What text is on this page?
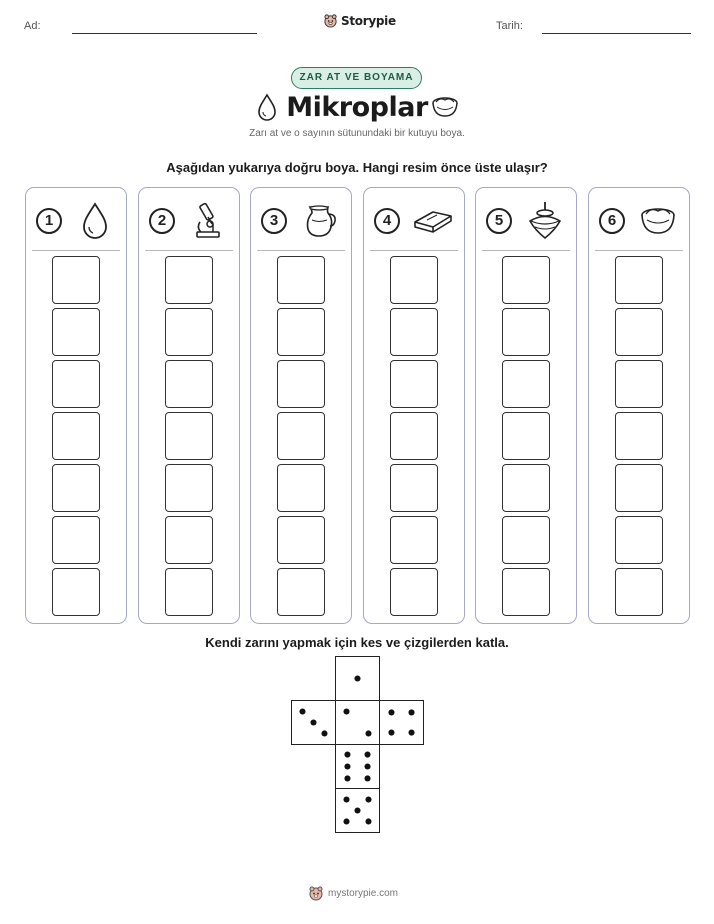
Ad:	Storypie	Tarih:
ZAR AT VE BOYAMA
Mikroplar
Zarı at ve o sayının sütunundaki bir kutuyu boya.
Aşağıdan yukarıya doğru boya. Hangi resim önce üste ulaşır?
1	2	3	4	5	6
Kendi zarını yapmak için kes ve çizgilerden katla.
mystorypie.com
